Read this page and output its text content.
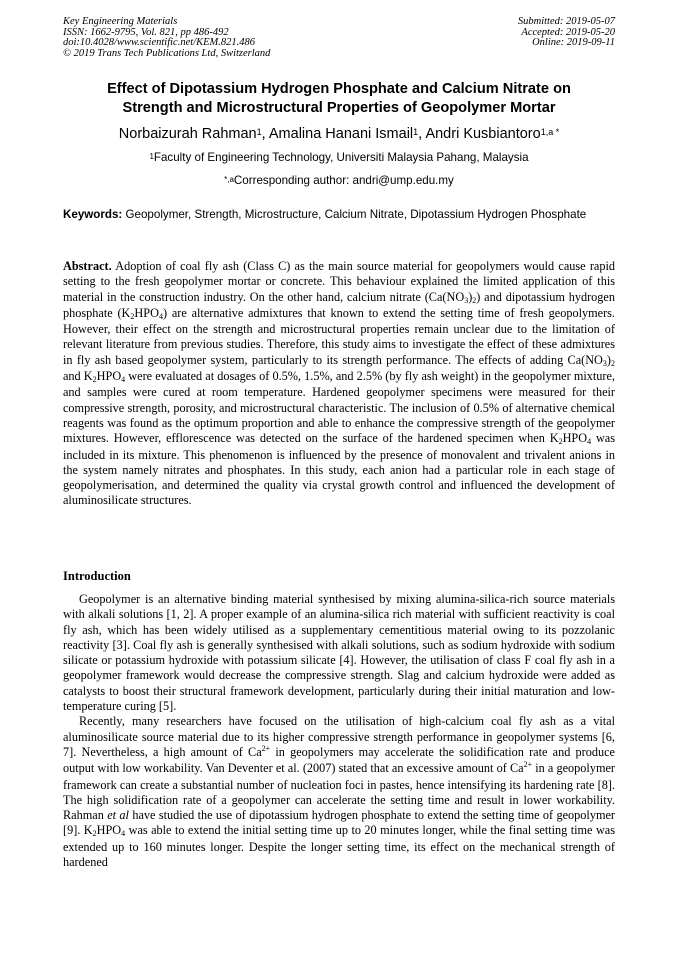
Key Engineering Materials
ISSN: 1662-9795, Vol. 821, pp 486-492
doi:10.4028/www.scientific.net/KEM.821.486
© 2019 Trans Tech Publications Ltd, Switzerland
Submitted: 2019-05-07
Accepted: 2019-05-20
Online: 2019-09-11
Effect of Dipotassium Hydrogen Phosphate and Calcium Nitrate on
Strength and Microstructural Properties of Geopolymer Mortar

Norbaizurah Rahman$^1$, Amalina Hanani Ismail$^1$, Andri Kusbiantoro$^{1,a *}$

$^1$Faculty of Engineering Technology, Universiti Malaysia Pahang, Malaysia

$^{*,a}$Corresponding author: andri@ump.edu.my

Keywords: Geopolymer, Strength, Microstructure, Calcium Nitrate, Dipotassium Hydrogen Phosphate

Abstract. Adoption of coal fly ash (Class C) as the main source material for geopolymers would cause rapid setting to the fresh geopolymer mortar or concrete. This behaviour explained the limited application of this material in the construction industry. On the other hand, calcium nitrate (Ca(NO3)2) and dipotassium hydrogen phosphate (K2HPO4) are alternative admixtures that known to extend the setting time of fresh geopolymers. However, their effect on the strength and microstructural properties remain unclear due to the limitation of relevant literature from previous studies. Therefore, this study aims to investigate the effect of these admixtures in fly ash based geopolymer system, particularly to its strength performance. The effects of adding Ca(NO3)2 and K2HPO4 were evaluated at dosages of 0.5%, 1.5%, and 2.5% (by fly ash weight) in the geopolymer mixture, and samples were cured at room temperature. Hardened geopolymer specimens were measured for their compressive strength, porosity, and microstructural characteristic. The inclusion of 0.5% of alternative chemical reagents was found as the optimum proportion and able to enhance the compressive strength of the geopolymer mixtures. However, efflorescence was detected on the surface of the hardened specimen when K2HPO4 was included in its mixture. This phenomenon is influenced by the presence of monovalent and trivalent anions in the system namely nitrates and phosphates. In this study, each anion had a particular role in each stage of geopolymerisation, and determined the quality via crystal growth control and influenced the development of aluminosilicate structures.

Introduction

Geopolymer is an alternative binding material synthesised by mixing alumina-silica-rich source materials with alkali solutions [1, 2]. A proper example of an alumina-silica rich material with sufficient reactivity is coal fly ash, which has been widely utilised as a supplementary cementitious material owing to its pozzolanic reactivity [3]. Coal fly ash is generally synthesised with alkali solutions, such as sodium hydroxide with sodium silicate or potassium hydroxide with potassium silicate [4]. However, the utilisation of class F coal fly ash in a geopolymer framework would decrease the compressive strength. Slag and calcium hydroxide were added as catalysts to boost their structural framework development, particularly during their initial maturation and low-temperature curing [5].

Recently, many researchers have focused on the utilisation of high-calcium coal fly ash as a vital aluminosilicate source material due to its higher compressive strength performance in geopolymer systems [6, 7]. Nevertheless, a high amount of $Ca^{2+}$ in geopolymers may accelerate the solidification rate and produce output with low workability. Van Deventer et al. (2007) stated that an excessive amount of $Ca^{2+}$ in a geopolymer framework can create a substantial number of nucleation foci in pastes, hence intensifying its hardening rate [8]. The high solidification rate of a geopolymer can accelerate the setting time and result in lower workability. Rahman et al have studied the use of dipotassium hydrogen phosphate to extend the setting time of geopolymer [9]. K2HPO4 was able to extend the initial setting time up to 20 minutes longer, while the final setting time was extended up to 160 minutes longer. Despite the longer setting time, its effect on the mechanical strength of hardened
